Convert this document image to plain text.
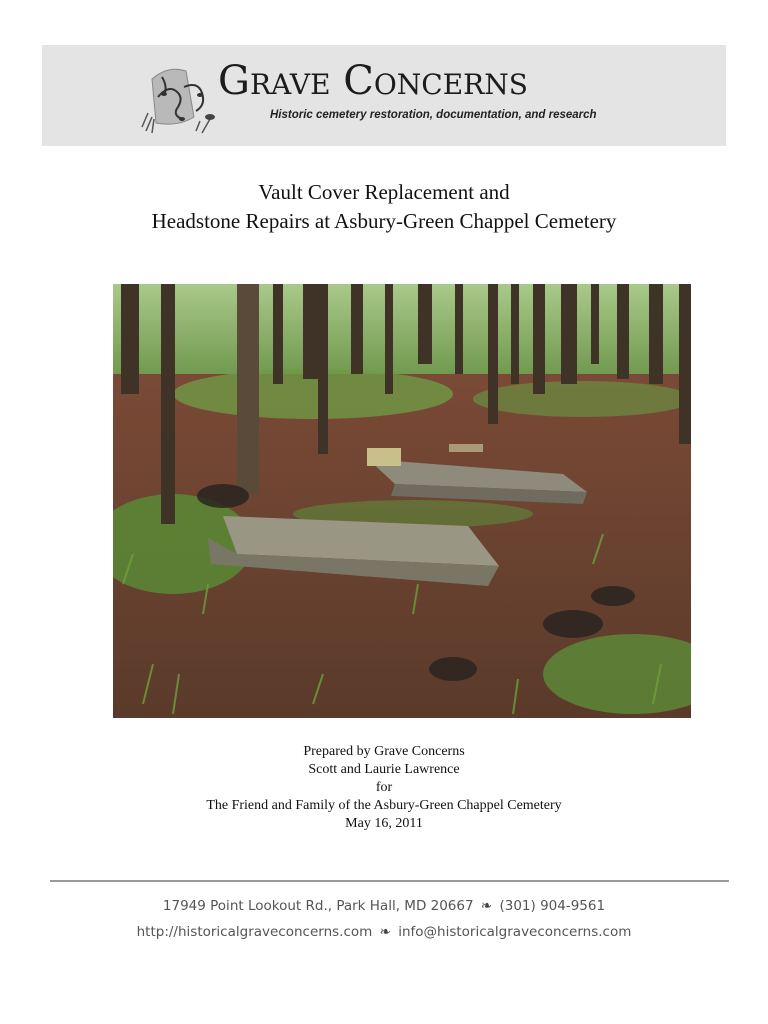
Grave Concerns
Historic cemetery restoration, documentation, and research
Vault Cover Replacement and
Headstone Repairs at Asbury-Green Chappel Cemetery
Prepared by Grave Concerns
Scott and Laurie Lawrence
for
The Friend and Family of the Asbury-Green Chappel Cemetery
May 16, 2011
17949 Point Lookout Rd., Park Hall, MD 20667 ❧ (301) 904-9561
http://historicalgraveconcerns.com ❧ info@historicalgraveconcerns.com
